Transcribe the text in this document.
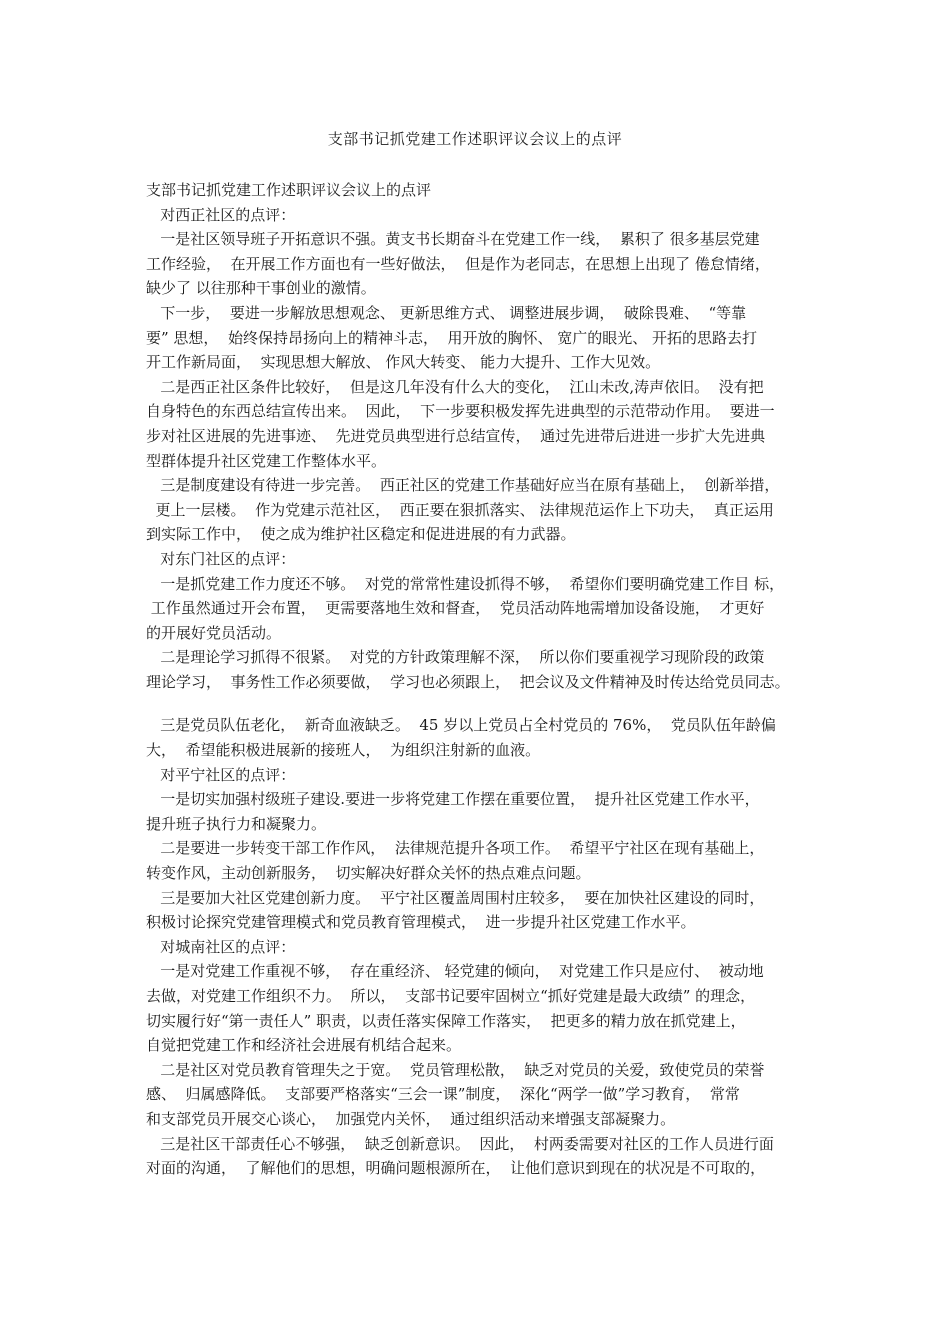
支部书记抓党建工作述职评议会议上的点评
支部书记抓党建工作述职评议会议上的点评
对西正社区的点评：
一是社区领导班子开拓意识不强。黄支书长期奋斗在党建工作一线，  累积了 很多基层党建
工作经验，  在开展工作方面也有一些好做法，  但是作为老同志，在思想上出现了 倦怠情绪，
缺少了 以往那种干事创业的激情。
下一步，  要进一步解放思想观念、 更新思维方式、 调整进展步调，  破除畏难、  “等靠
要” 思想，  始终保持昂扬向上的精神斗志，  用开放的胸怀、 宽广的眼光、 开拓的思路去打
开工作新局面，  实现思想大解放、 作风大转变、 能力大提升、工作大见效。
二是西正社区条件比较好，  但是这几年没有什么大的变化，  江山未改,涛声依旧。  没有把
自身特色的东西总结宣传出来。  因此，  下一步要积极发挥先进典型的示范带动作用。  要进一
步对社区进展的先进事迹、  先进党员典型进行总结宣传，  通过先进带后进进一步扩大先进典
型群体提升社区党建工作整体水平。
三是制度建设有待进一步完善。  西正社区的党建工作基础好应当在原有基础上，  创新举措，
更上一层楼。  作为党建示范社区，  西正要在狠抓落实、 法律规范运作上下功夫，  真正运用
到实际工作中，  使之成为维护社区稳定和促进进展的有力武器。
对东门社区的点评：
一是抓党建工作力度还不够。  对党的常常性建设抓得不够，  希望你们要明确党建工作目 标，
工作虽然通过开会布置，  更需要落地生效和督查，  党员活动阵地需增加设备设施，  才更好
的开展好党员活动。
二是理论学习抓得不很紧。  对党的方针政策理解不深，  所以你们要重视学习现阶段的政策
理论学习，  事务性工作必须要做，  学习也必须跟上，  把会议及文件精神及时传达给党员同志。
三是党员队伍老化，  新奇血液缺乏。  45 岁以上党员占全村党员的 76%，  党员队伍年龄偏
大，  希望能积极进展新的接班人，  为组织注射新的血液。
对平宁社区的点评：
一是切实加强村级班子建设.要进一步将党建工作摆在重要位置，  提升社区党建工作水平，
提升班子执行力和凝聚力。
二是要进一步转变干部工作作风，  法律规范提升各项工作。  希望平宁社区在现有基础上，
转变作风，主动创新服务，  切实解决好群众关怀的热点难点问题。
三是要加大社区党建创新力度。  平宁社区覆盖周围村庄较多，  要在加快社区建设的同时，
积极讨论探究党建管理模式和党员教育管理模式，  进一步提升社区党建工作水平。
对城南社区的点评：
一是对党建工作重视不够，  存在重经济、 轻党建的倾向，  对党建工作只是应付、  被动地
去做，对党建工作组织不力。  所以，  支部书记要牢固树立“抓好党建是最大政绩” 的理念，
切实履行好“第一责任人” 职责，以责任落实保障工作落实，  把更多的精力放在抓党建上，
自觉把党建工作和经济社会进展有机结合起来。
二是社区对党员教育管理失之于宽。  党员管理松散，  缺乏对党员的关爱，致使党员的荣誉
感、  归属感降低。  支部要严格落实“三会一课”制度，  深化“两学一做”学习教育，  常常
和支部党员开展交心谈心，  加强党内关怀，  通过组织活动来增强支部凝聚力。
三是社区干部责任心不够强，  缺乏创新意识。  因此，  村两委需要对社区的工作人员进行面
对面的沟通，  了解他们的思想，明确问题根源所在，  让他们意识到现在的状况是不可取的，
